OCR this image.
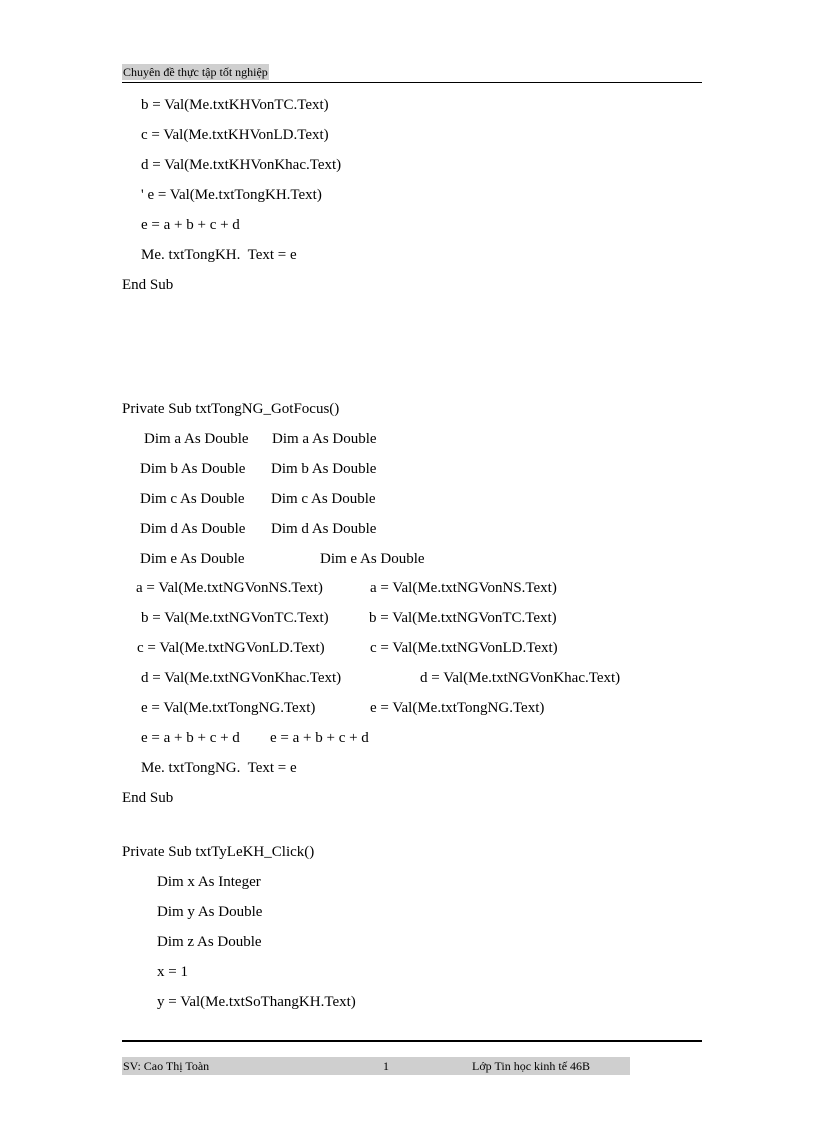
Chuyên đề thực tập tốt nghiệp
b = Val(Me.txtKHVonTC.Text)
c = Val(Me.txtKHVonLD.Text)
d = Val(Me.txtKHVonKhac.Text)
' e = Val(Me.txtTongKH.Text)
e = a + b + c + d
Me. txtTongKH.  Text = e
End Sub
Private Sub txtTongNG_GotFocus()
Dim a As Double Dim a As Double
Dim b As Double Dim b As Double
Dim c As Double Dim c As Double
Dim d As Double Dim d As Double
Dim e As Double	Dim e As Double
a = Val(Me.txtNGVonNS.Text)	a = Val(Me.txtNGVonNS.Text)
b = Val(Me.txtNGVonTC.Text)	b = Val(Me.txtNGVonTC.Text)
c = Val(Me.txtNGVonLD.Text)	c = Val(Me.txtNGVonLD.Text)
d = Val(Me.txtNGVonKhac.Text)	d = Val(Me.txtNGVonKhac.Text)
e = Val(Me.txtTongNG.Text)	e = Val(Me.txtTongNG.Text)
e = a + b + c + d e = a + b + c + d
Me. txtTongNG.  Text = e
End Sub
Private Sub txtTyLeKH_Click()
Dim x As Integer
Dim y As Double
Dim z As Double
x = 1
y = Val(Me.txtSoThangKH.Text)
SV: Cao Thị Toàn	1	Lớp Tin học kinh tế 46B
